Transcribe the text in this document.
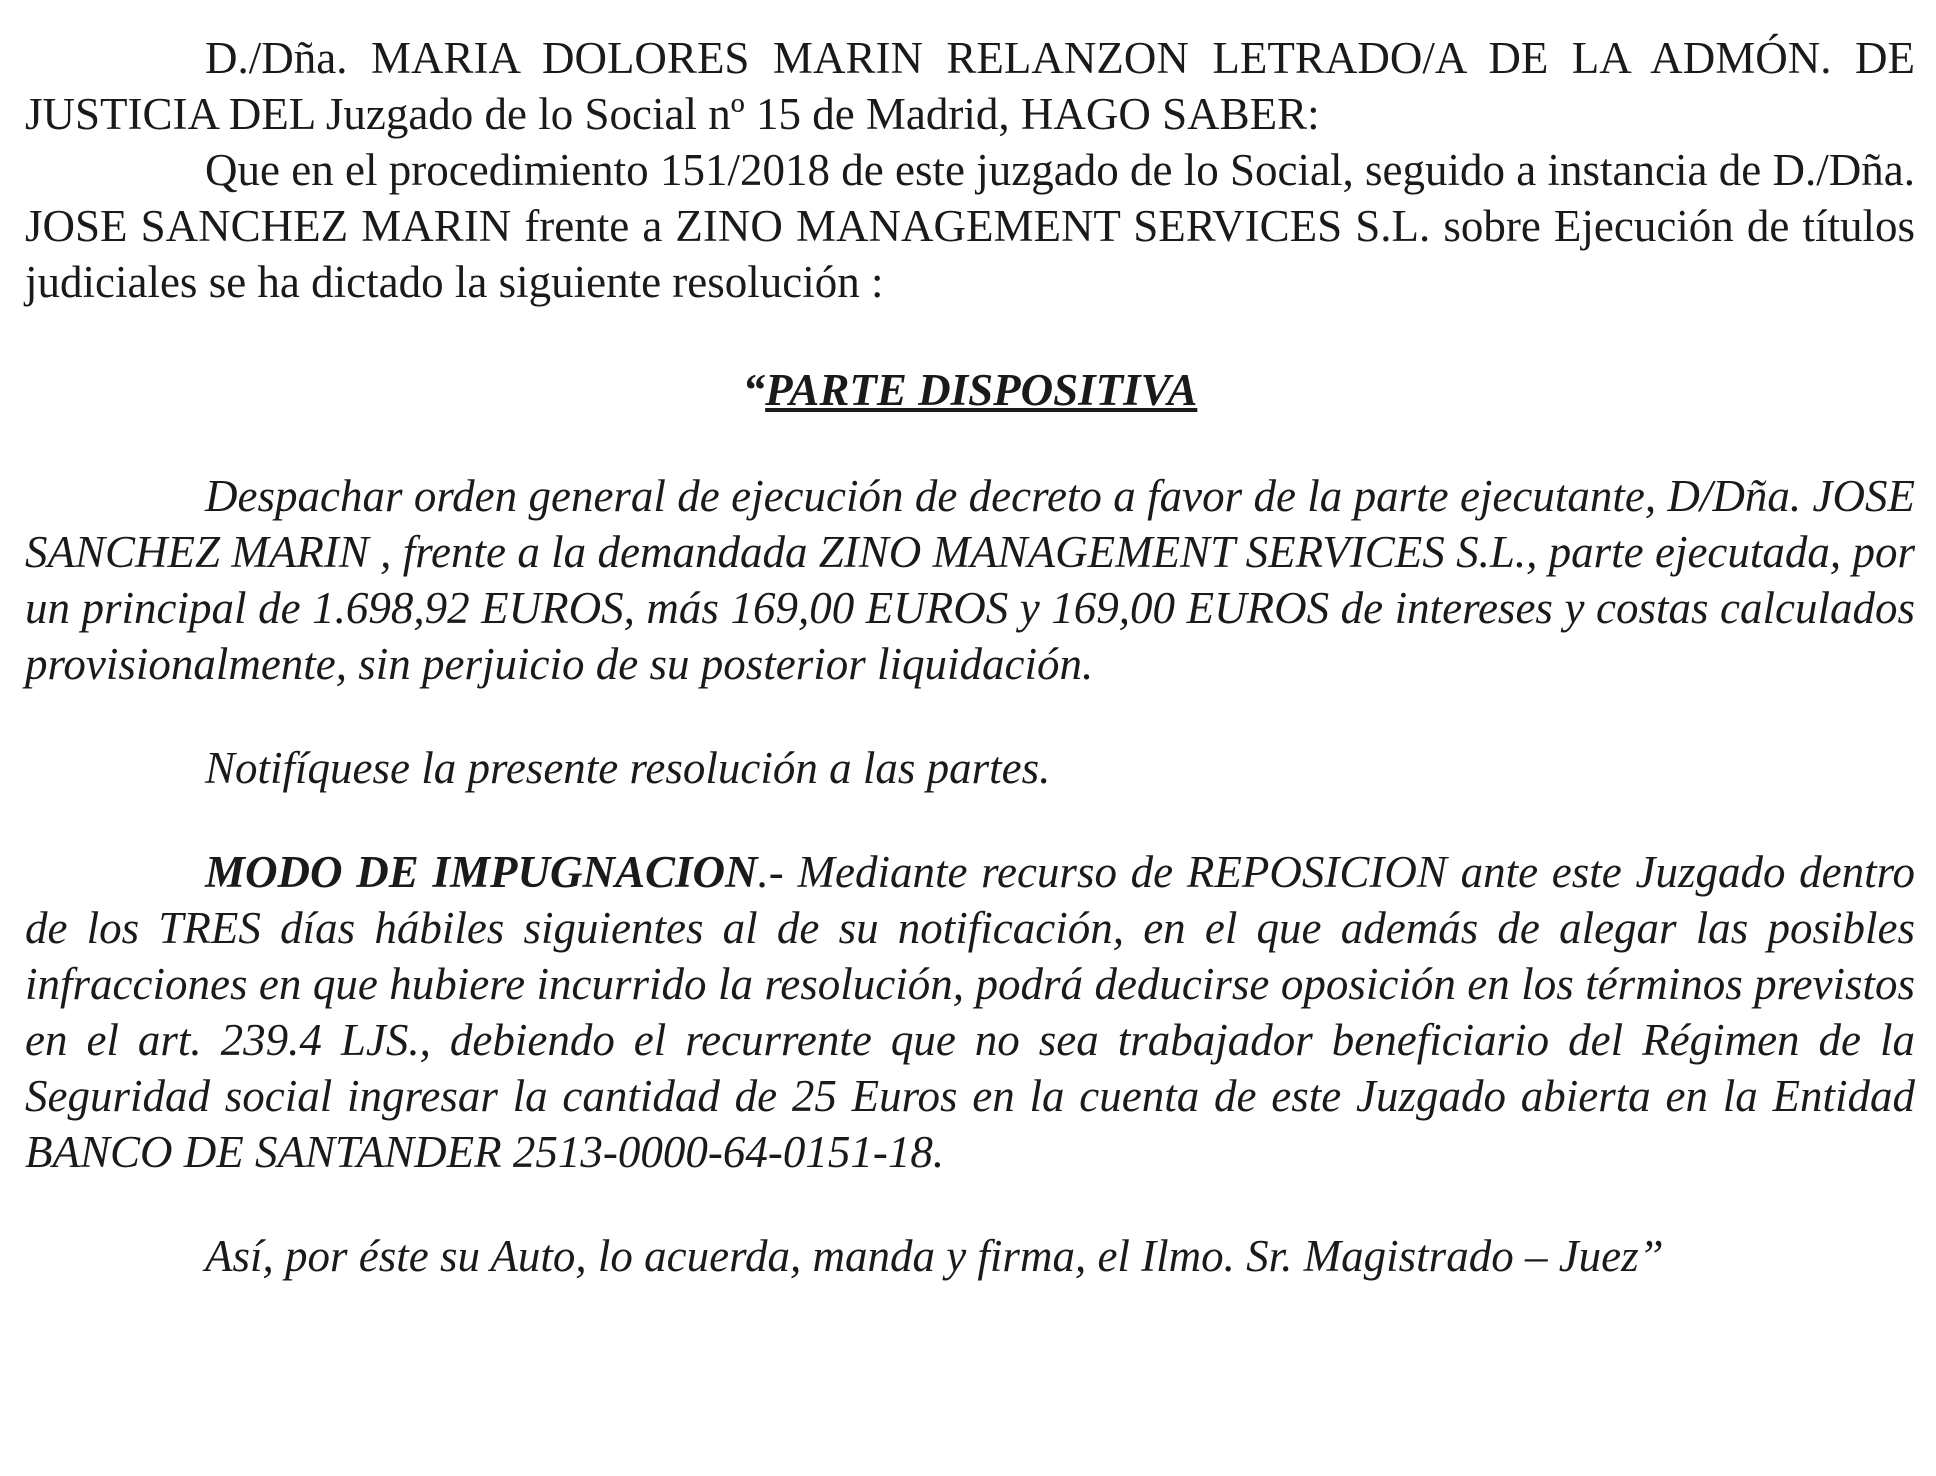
D./Dña. MARIA DOLORES MARIN RELANZON LETRADO/A DE LA ADMÓN. DE JUSTICIA DEL Juzgado de lo Social nº 15 de Madrid, HAGO SABER:

Que en el procedimiento 151/2018 de este juzgado de lo Social, seguido a instancia de D./Dña. JOSE SANCHEZ MARIN frente a ZINO MANAGEMENT SERVICES S.L. sobre Ejecución de títulos judiciales se ha dictado la siguiente resolución :

“PARTE DISPOSITIVA

Despachar orden general de ejecución de decreto a favor de la parte ejecutante, D/Dña. JOSE SANCHEZ MARIN , frente a la demandada ZINO MANAGEMENT SERVICES S.L., parte ejecutada, por un principal de 1.698,92 EUROS, más 169,00 EUROS y 169,00 EUROS de intereses y costas calculados provisionalmente, sin perjuicio de su posterior liquidación.

Notifíquese la presente resolución a las partes.

MODO DE IMPUGNACION.- Mediante recurso de REPOSICION ante este Juzgado dentro de los TRES días hábiles siguientes al de su notificación, en el que además de alegar las posibles infracciones en que hubiere incurrido la resolución, podrá deducirse oposición en los términos previstos en el art. 239.4 LJS., debiendo el recurrente que no sea trabajador beneficiario del Régimen de la Seguridad social ingresar la cantidad de 25 Euros en la cuenta de este Juzgado abierta en la Entidad BANCO DE SANTANDER 2513-0000-64-0151-18.

Así, por éste su Auto, lo acuerda, manda y firma, el Ilmo. Sr. Magistrado – Juez”
